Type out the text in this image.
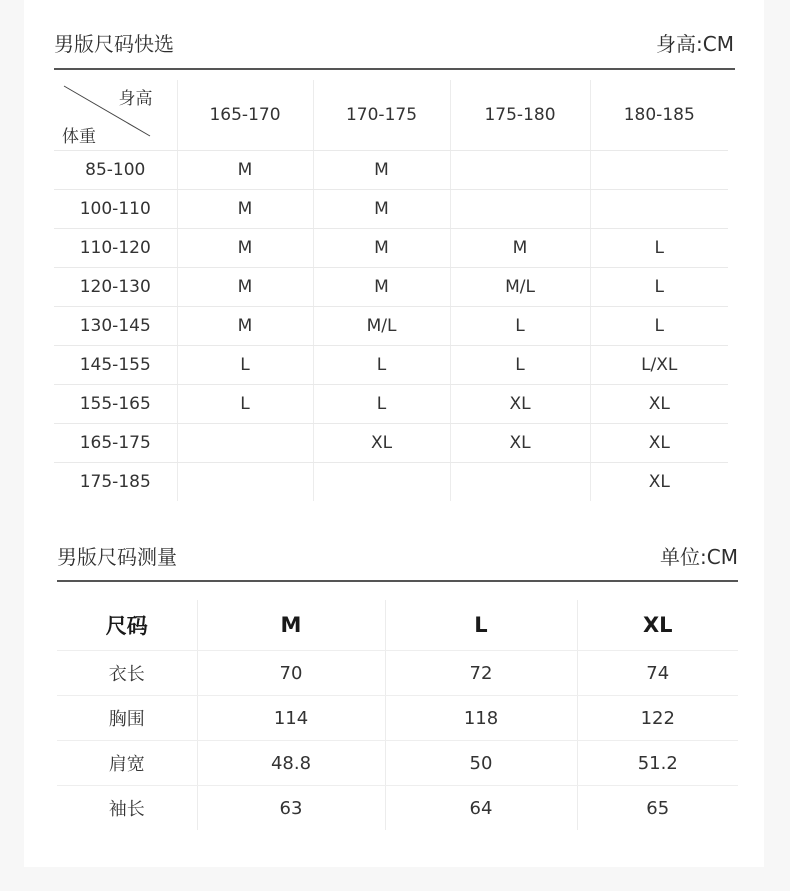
男版尺码快选	身高:CM
身高
体重	165-170	170-175	175-180	180-185
85-100	M	M		
100-110	M	M		
110-120	M	M	M	L
120-130	M	M	M/L	L
130-145	M	M/L	L	L
145-155	L	L	L	L/XL
155-165	L	L	XL	XL
165-175		XL	XL	XL
175-185				XL
男版尺码测量	单位:CM
尺码	M	L	XL
衣长	70	72	74
胸围	114	118	122
肩宽	48.8	50	51.2
袖长	63	64	65
